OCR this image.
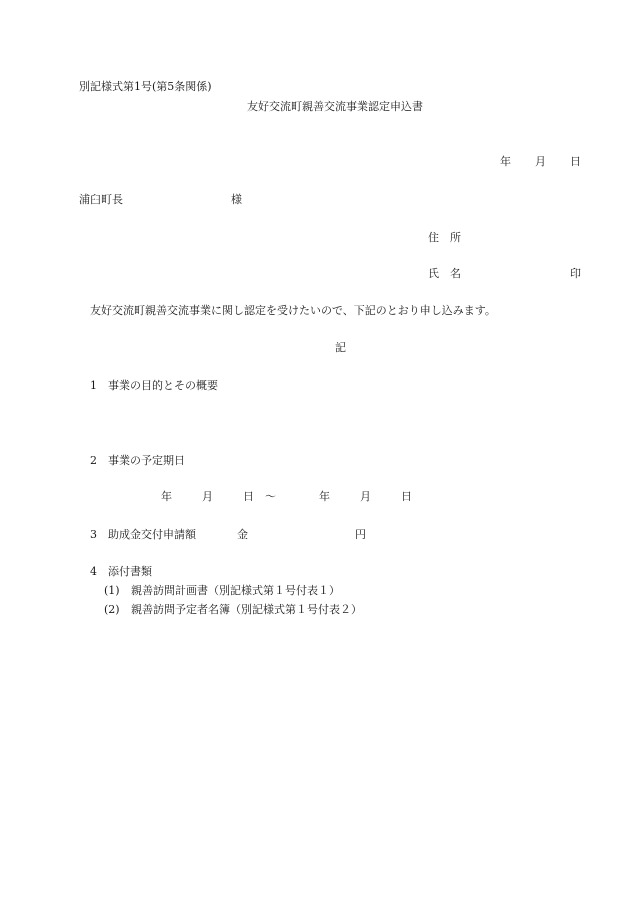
別記様式第1号(第5条関係)
友好交流町親善交流事業認定申込書
年 月 日
浦臼町長	様
住　所
氏　名	印
友好交流町親善交流事業に関し認定を受けたいので、下記のとおり申し込みます。
記
1 事業の目的とその概要
2 事業の予定期日
年	月	日 ～	年	月	日
3 助成金交付申請額	金	円
4 添付書類
(1) 親善訪問計画書（別記様式第１号付表１）
(2) 親善訪問予定者名簿（別記様式第１号付表２）
